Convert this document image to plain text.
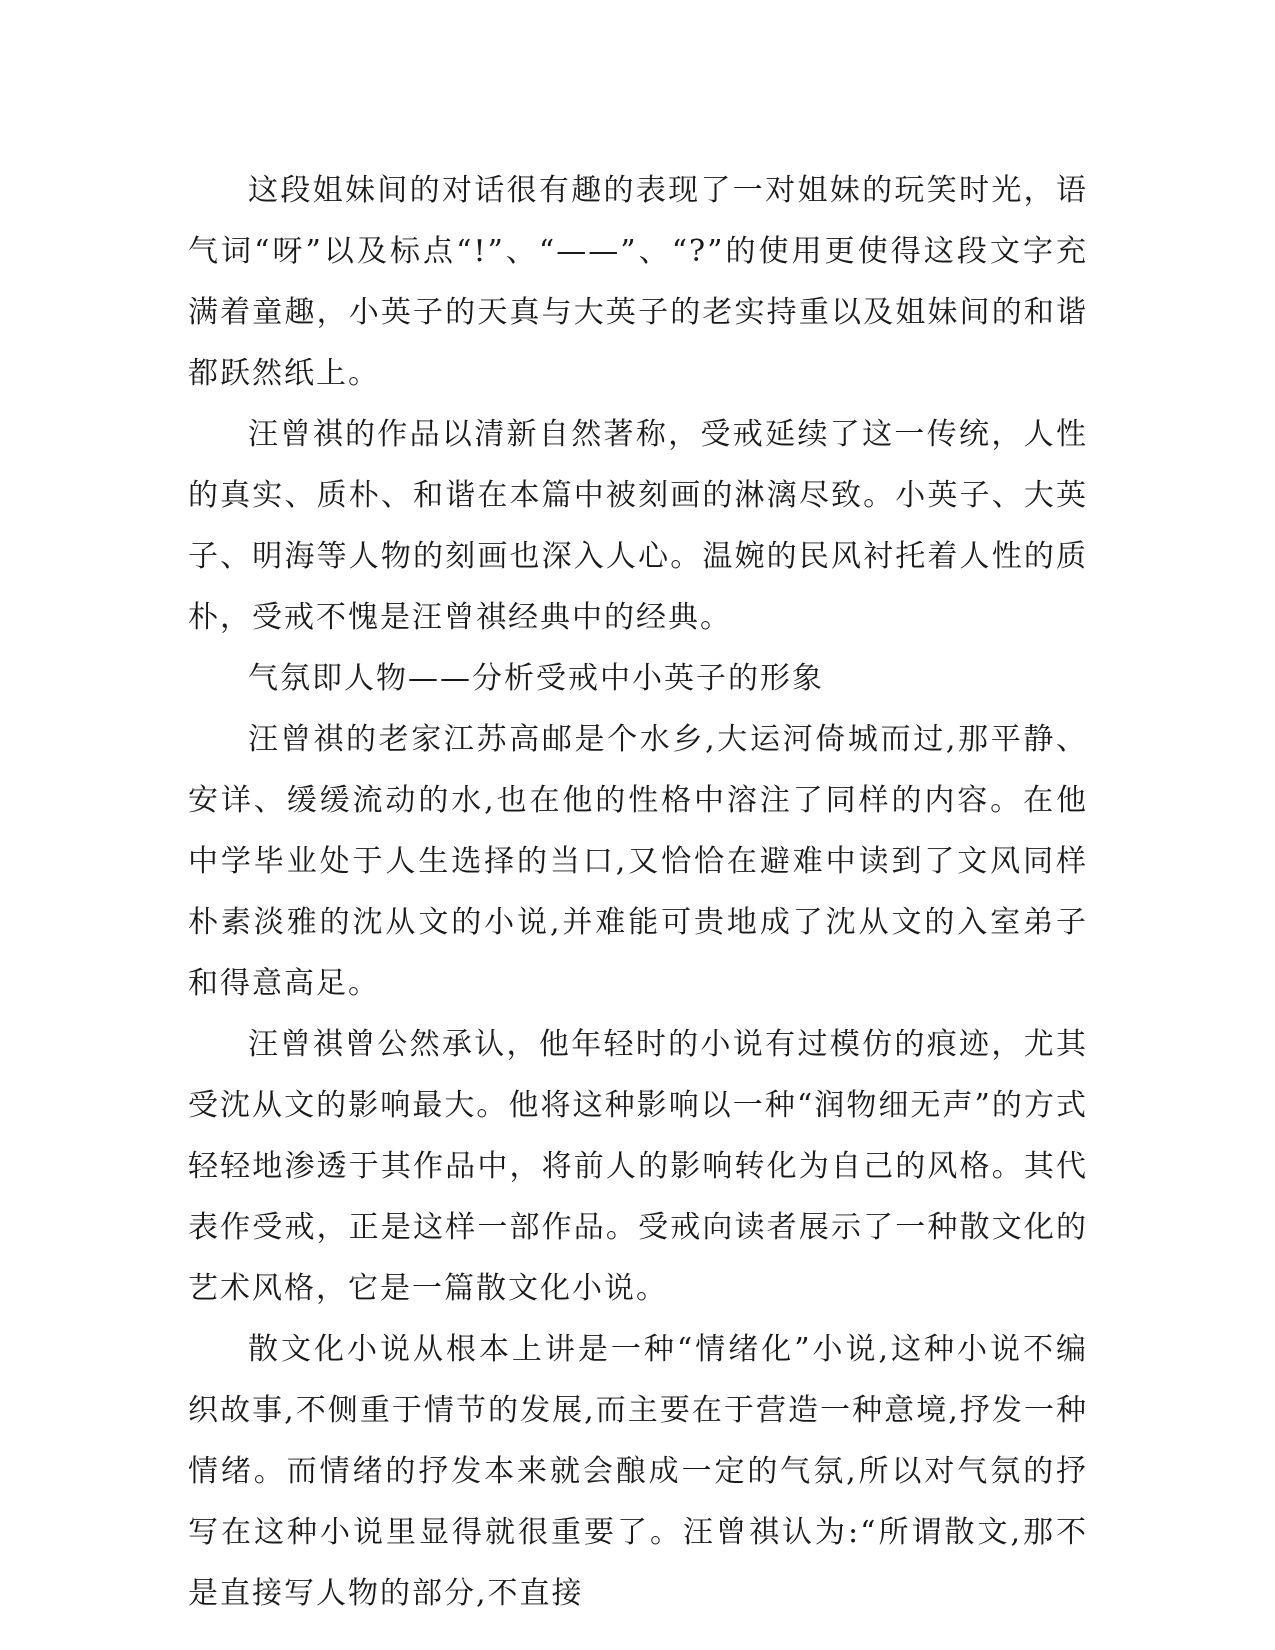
这段姐妹间的对话很有趣的表现了一对姐妹的玩笑时光，语气词“呀”以及标点“!”、“——”、“?”的使用更使得这段文字充满着童趣，小英子的天真与大英子的老实持重以及姐妹间的和谐都跃然纸上。

汪曾祺的作品以清新自然著称，受戒延续了这一传统，人性的真实、质朴、和谐在本篇中被刻画的淋漓尽致。小英子、大英子、明海等人物的刻画也深入人心。温婉的民风衬托着人性的质朴，受戒不愧是汪曾祺经典中的经典。

气氛即人物——分析受戒中小英子的形象

汪曾祺的老家江苏高邮是个水乡,大运河倚城而过,那平静、安详、缓缓流动的水,也在他的性格中溶注了同样的内容。在他中学毕业处于人生选择的当口,又恰恰在避难中读到了文风同样朴素淡雅的沈从文的小说,并难能可贵地成了沈从文的入室弟子和得意高足。

汪曾祺曾公然承认，他年轻时的小说有过模仿的痕迹，尤其受沈从文的影响最大。他将这种影响以一种“润物细无声”的方式轻轻地渗透于其作品中，将前人的影响转化为自己的风格。其代表作受戒，正是这样一部作品。受戒向读者展示了一种散文化的艺术风格，它是一篇散文化小说。

散文化小说从根本上讲是一种“情绪化”小说,这种小说不编织故事,不侧重于情节的发展,而主要在于营造一种意境,抒发一种情绪。而情绪的抒发本来就会酿成一定的气氛,所以对气氛的抒写在这种小说里显得就很重要了。汪曾祺认为:“所谓散文,那不是直接写人物的部分,不直接
